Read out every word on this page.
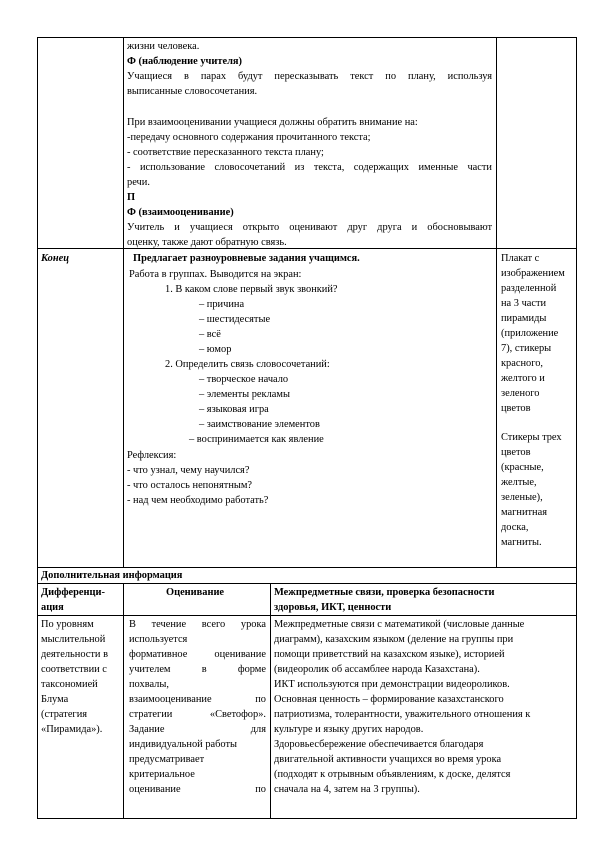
жизни человека.
Ф (наблюдение учителя)
Учащиеся в парах будут пересказывать текст по плану, используя
выписанные словосочетания.
При взаимооценивании учащиеся должны обратить внимание на:
-передачу основного содержания прочитанного текста;
- соответствие пересказанного текста плану;
- использование словосочетаний из текста, содержащих именные части
речи.
П
Ф (взаимооценивание)
Учитель и учащиеся открыто оценивают друг друга и обосновывают
оценку, также дают обратную связь.
Конец	Предлагает разноуровневые задания учащимся.
Работа в группах. Выводится на экран:
1. В каком слове первый звук звонкий?
– причина
– шестидесятые
– всё
– юмор
2. Определить связь словосочетаний:
– творческое начало
– элементы рекламы
– языковая игра
– заимствование элементов
– воспринимается как явление
Рефлексия:
- что узнал, чему научился?
- что осталось непонятным?
- над чем необходимо работать?
Плакат с
изображением
разделенной
на 3 части
пирамиды
(приложение
7), стикеры
красного,
желтого и
зеленого
цветов
Стикеры трех
цветов
(красные,
желтые,
зеленые),
магнитная
доска,
магниты.
Дополнительная информация
Дифференци-
ация
Оценивание	Межпредметные связи, проверка безопасности
здоровья, ИКТ, ценности
По уровням
мыслительной
деятельности в
соответствии с
таксономией
Блума
(стратегия
«Пирамида»).
В течение всего урока
используется
формативное оценивание
учителем в форме
похвалы,
взаимооценивание по
стратегии «Светофор».
Задание для
индивидуальной работы
предусматривает
критериальное
оценивание по
Межпредметные связи с математикой (числовые данные
диаграмм), казахским языком (деление на группы при
помощи приветствий на казахском языке), историей
(видеоролик об ассамблее народа Казахстана).
ИКТ используются при демонстрации видеороликов.
Основная ценность – формирование казахстанского
патриотизма, толерантности, уважительного отношения к
культуре и языку других народов.
Здоровьесбережение обеспечивается благодаря
двигательной активности учащихся во время урока
(подходят к отрывным объявлениям, к доске, делятся
сначала на 4, затем на 3 группы).
